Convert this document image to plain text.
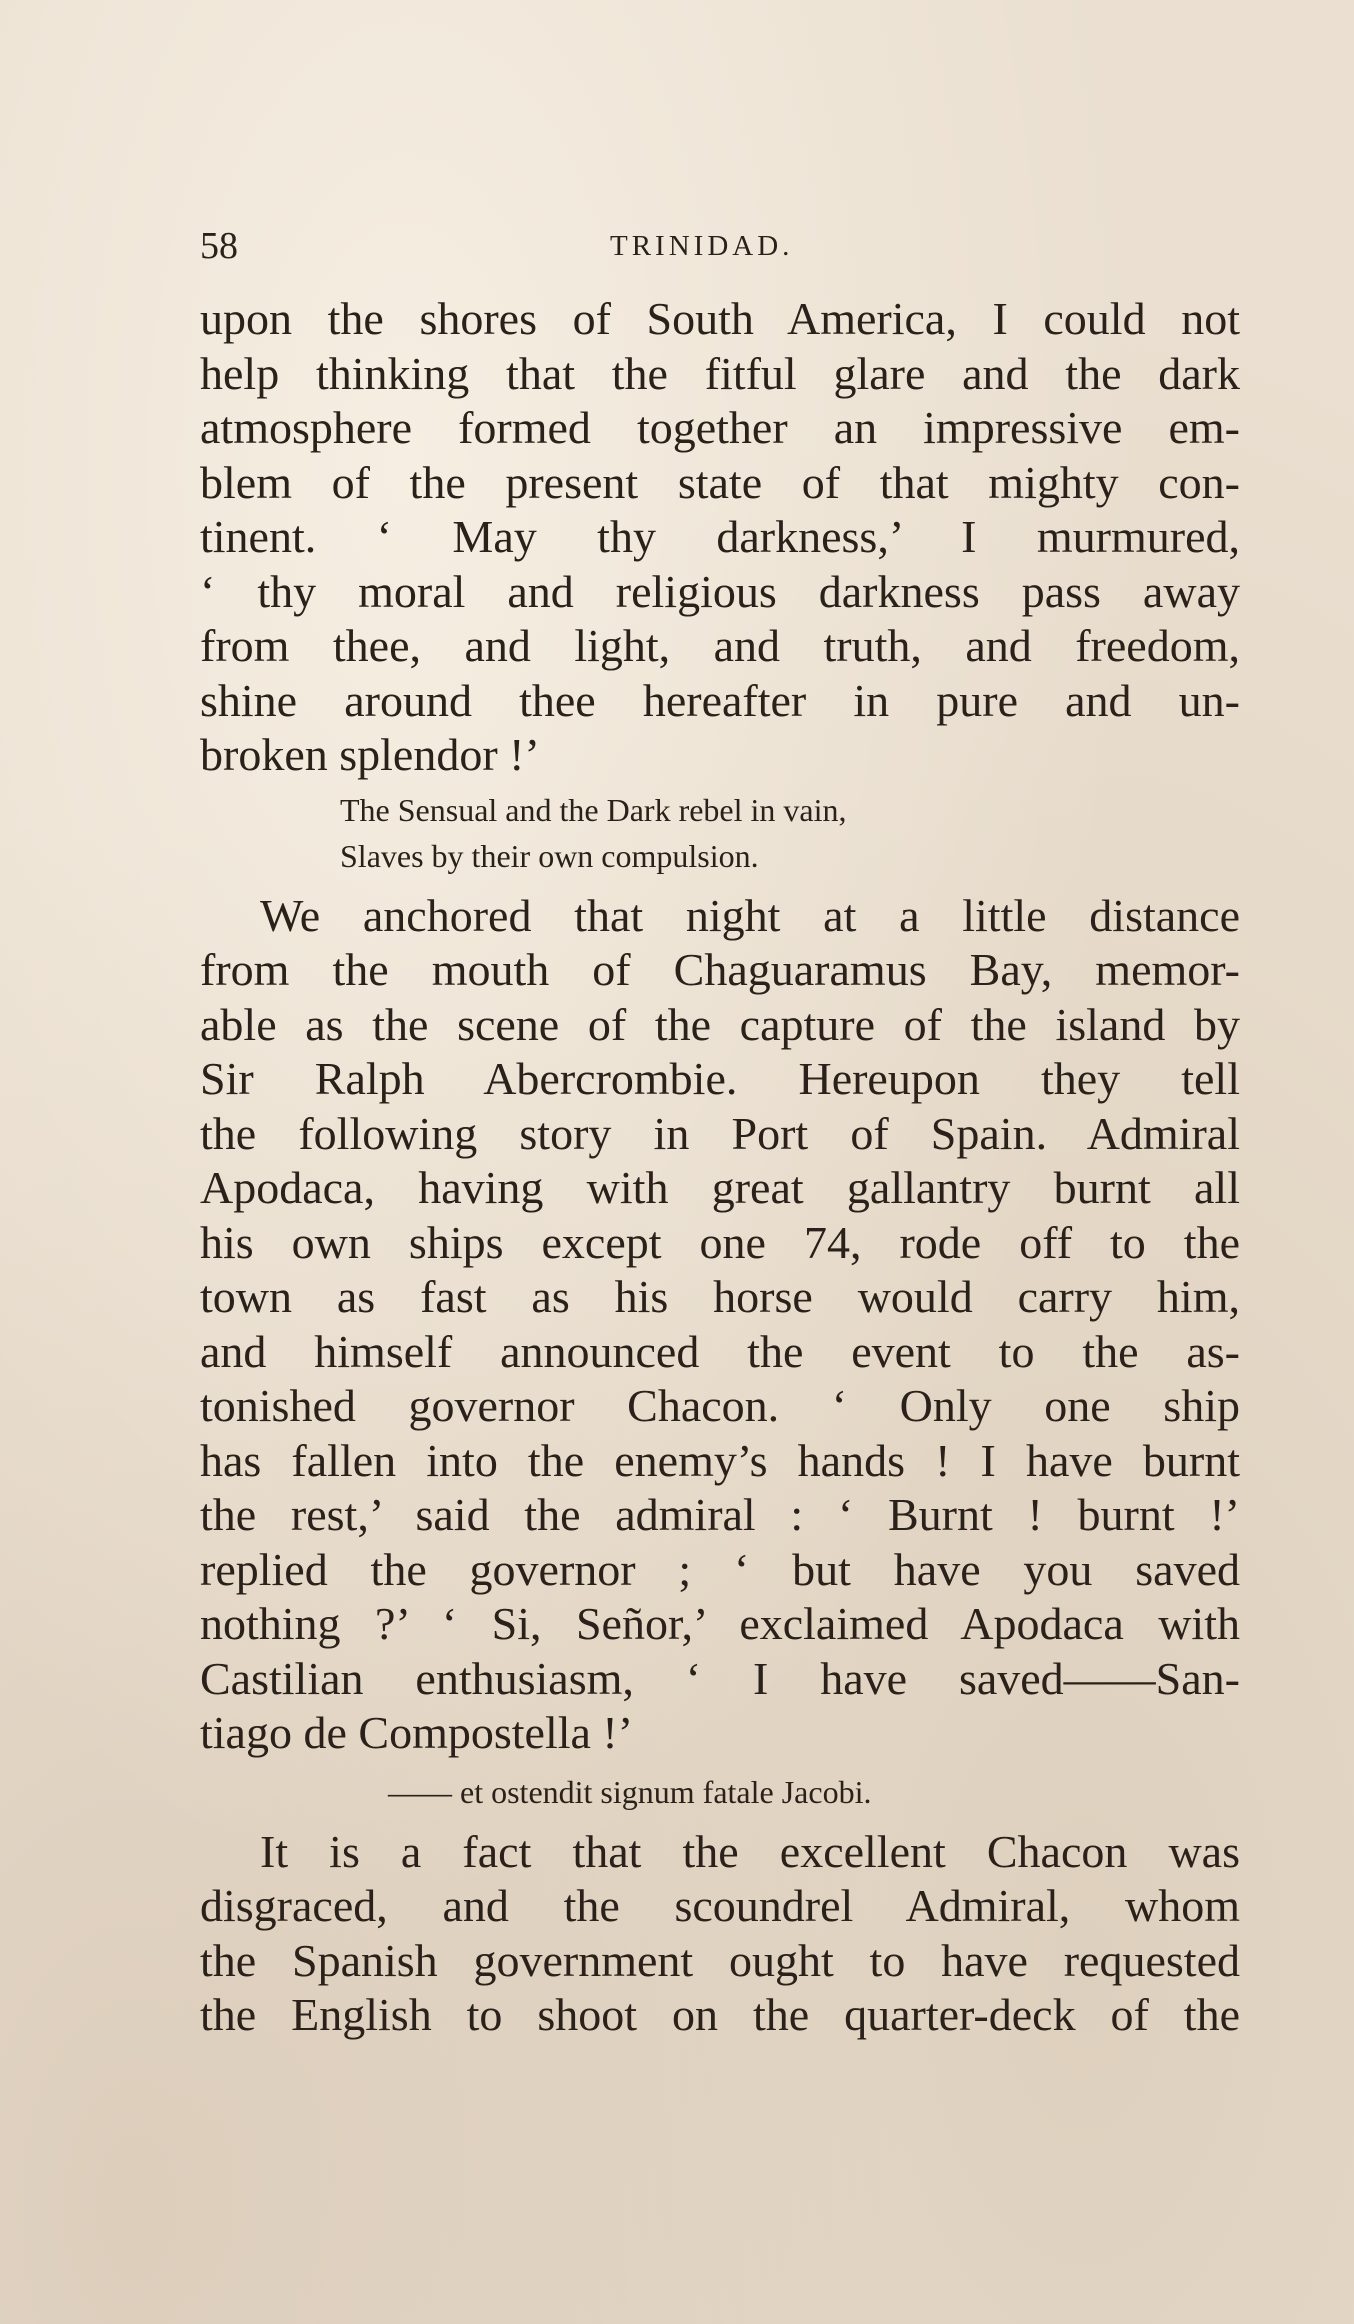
58	TRINIDAD.
upon the shores of South America, I could not
help thinking that the fitful glare and the dark
atmosphere formed together an impressive em-
blem of the present state of that mighty con-
tinent. ‘ May thy darkness,’ I murmured,
‘ thy moral and religious darkness pass away
from thee, and light, and truth, and freedom,
shine around thee hereafter in pure and un-
broken splendor !’
The Sensual and the Dark rebel in vain,
Slaves by their own compulsion.
We anchored that night at a little distance
from the mouth of Chaguaramus Bay, memor-
able as the scene of the capture of the island by
Sir Ralph Abercrombie. Hereupon they tell
the following story in Port of Spain. Admiral
Apodaca, having with great gallantry burnt all
his own ships except one 74, rode off to the
town as fast as his horse would carry him,
and himself announced the event to the as-
tonished governor Chacon. ‘ Only one ship
has fallen into the enemy’s hands ! I have burnt
the rest,’ said the admiral : ‘ Burnt ! burnt !’
replied the governor ; ‘ but have you saved
nothing ?’ ‘ Si, Señor,’ exclaimed Apodaca with
Castilian enthusiasm, ‘ I have saved——San-
tiago de Compostella !’
—— et ostendit signum fatale Jacobi.
It is a fact that the excellent Chacon was
disgraced, and the scoundrel Admiral, whom
the Spanish government ought to have requested
the English to shoot on the quarter-deck of the
